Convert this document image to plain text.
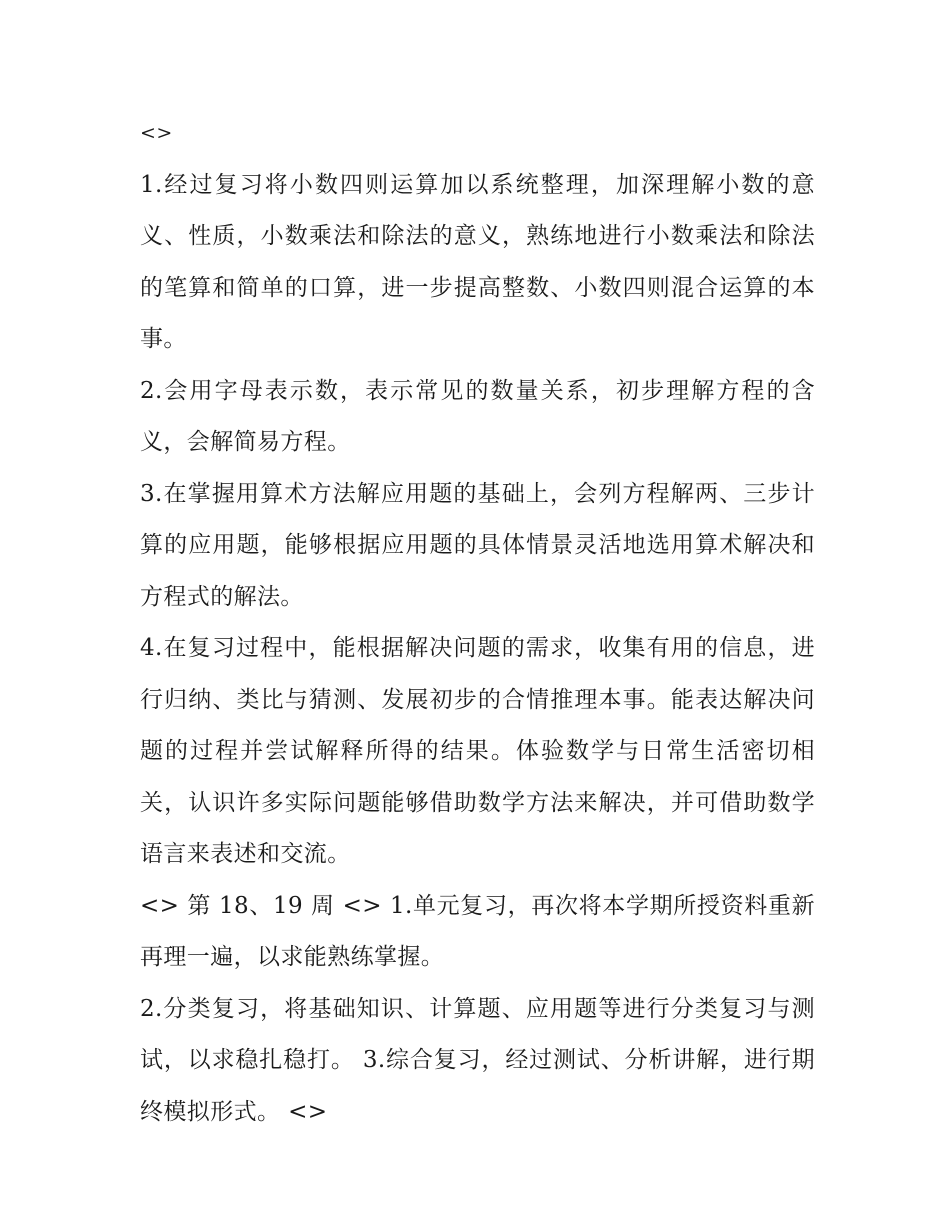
<>

1.经过复习将小数四则运算加以系统整理，加深理解小数的意义、性质，小数乘法和除法的意义，熟练地进行小数乘法和除法的笔算和简单的口算，进一步提高整数、小数四则混合运算的本事。

2.会用字母表示数，表示常见的数量关系，初步理解方程的含义，会解简易方程。

3.在掌握用算术方法解应用题的基础上，会列方程解两、三步计算的应用题，能够根据应用题的具体情景灵活地选用算术解决和方程式的解法。

4.在复习过程中，能根据解决问题的需求，收集有用的信息，进行归纳、类比与猜测、发展初步的合情推理本事。能表达解决问题的过程并尝试解释所得的结果。体验数学与日常生活密切相关，认识许多实际问题能够借助数学方法来解决，并可借助数学语言来表述和交流。

<> 第 18、19 周 <> 1.单元复习，再次将本学期所授资料重新再理一遍，以求能熟练掌握。

2.分类复习，将基础知识、计算题、应用题等进行分类复习与测试，以求稳扎稳打。 3.综合复习，经过测试、分析讲解，进行期终模拟形式。 <>
